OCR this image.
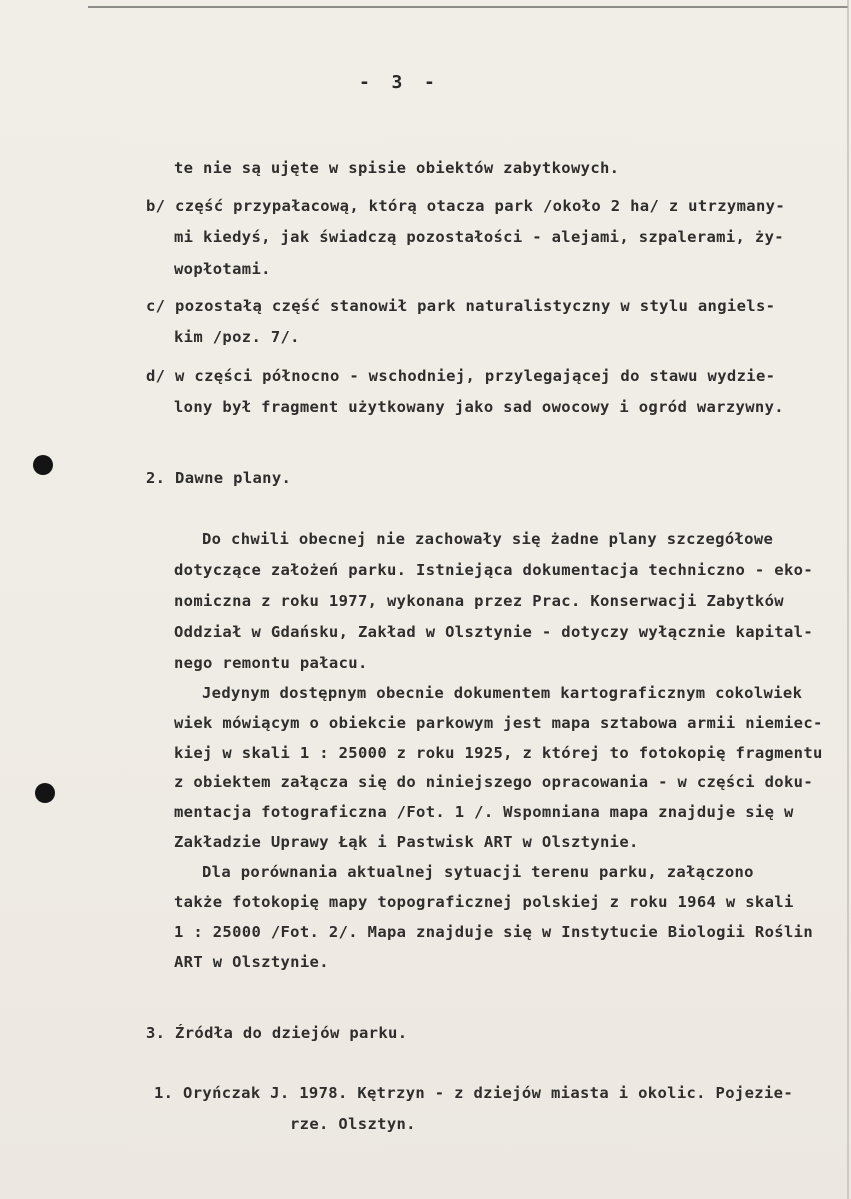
-  3  -
te nie są ujęte w spisie obiektów zabytkowych.
b/ część przypałacową, którą otacza park /około 2 ha/ z utrzymany-
mi kiedyś, jak świadczą pozostałości - alejami, szpalerami, ży-
wopłotami.
c/ pozostałą część stanowił park naturalistyczny w stylu angiels-
kim /poz. 7/.
d/ w części północno - wschodniej, przylegającej do stawu wydzie-
lony był fragment użytkowany jako sad owocowy i ogród warzywny.
2. Dawne plany.
Do chwili obecnej nie zachowały się żadne plany szczegółowe
dotyczące założeń parku. Istniejąca dokumentacja techniczno - eko-
nomiczna z roku 1977, wykonana przez Prac. Konserwacji Zabytków
Oddział w Gdańsku, Zakład w Olsztynie - dotyczy wyłącznie kapital-
nego remontu pałacu.
Jedynym dostępnym obecnie dokumentem kartograficznym cokolwiek
wiek mówiącym o obiekcie parkowym jest mapa sztabowa armii niemiec-
kiej w skali 1 : 25000 z roku 1925, z której to fotokopię fragmentu
z obiektem załącza się do niniejszego opracowania - w części doku-
mentacja fotograficzna /Fot. 1 /. Wspomniana mapa znajduje się w
Zakładzie Uprawy Łąk i Pastwisk ART w Olsztynie.
Dla porównania aktualnej sytuacji terenu parku, załączono
także fotokopię mapy topograficznej polskiej z roku 1964 w skali
1 : 25000 /Fot. 2/. Mapa znajduje się w Instytucie Biologii Roślin
ART w Olsztynie.
3. Źródła do dziejów parku.
1. Oryńczak J. 1978. Kętrzyn - z dziejów miasta i okolic. Pojezie-
rze. Olsztyn.
